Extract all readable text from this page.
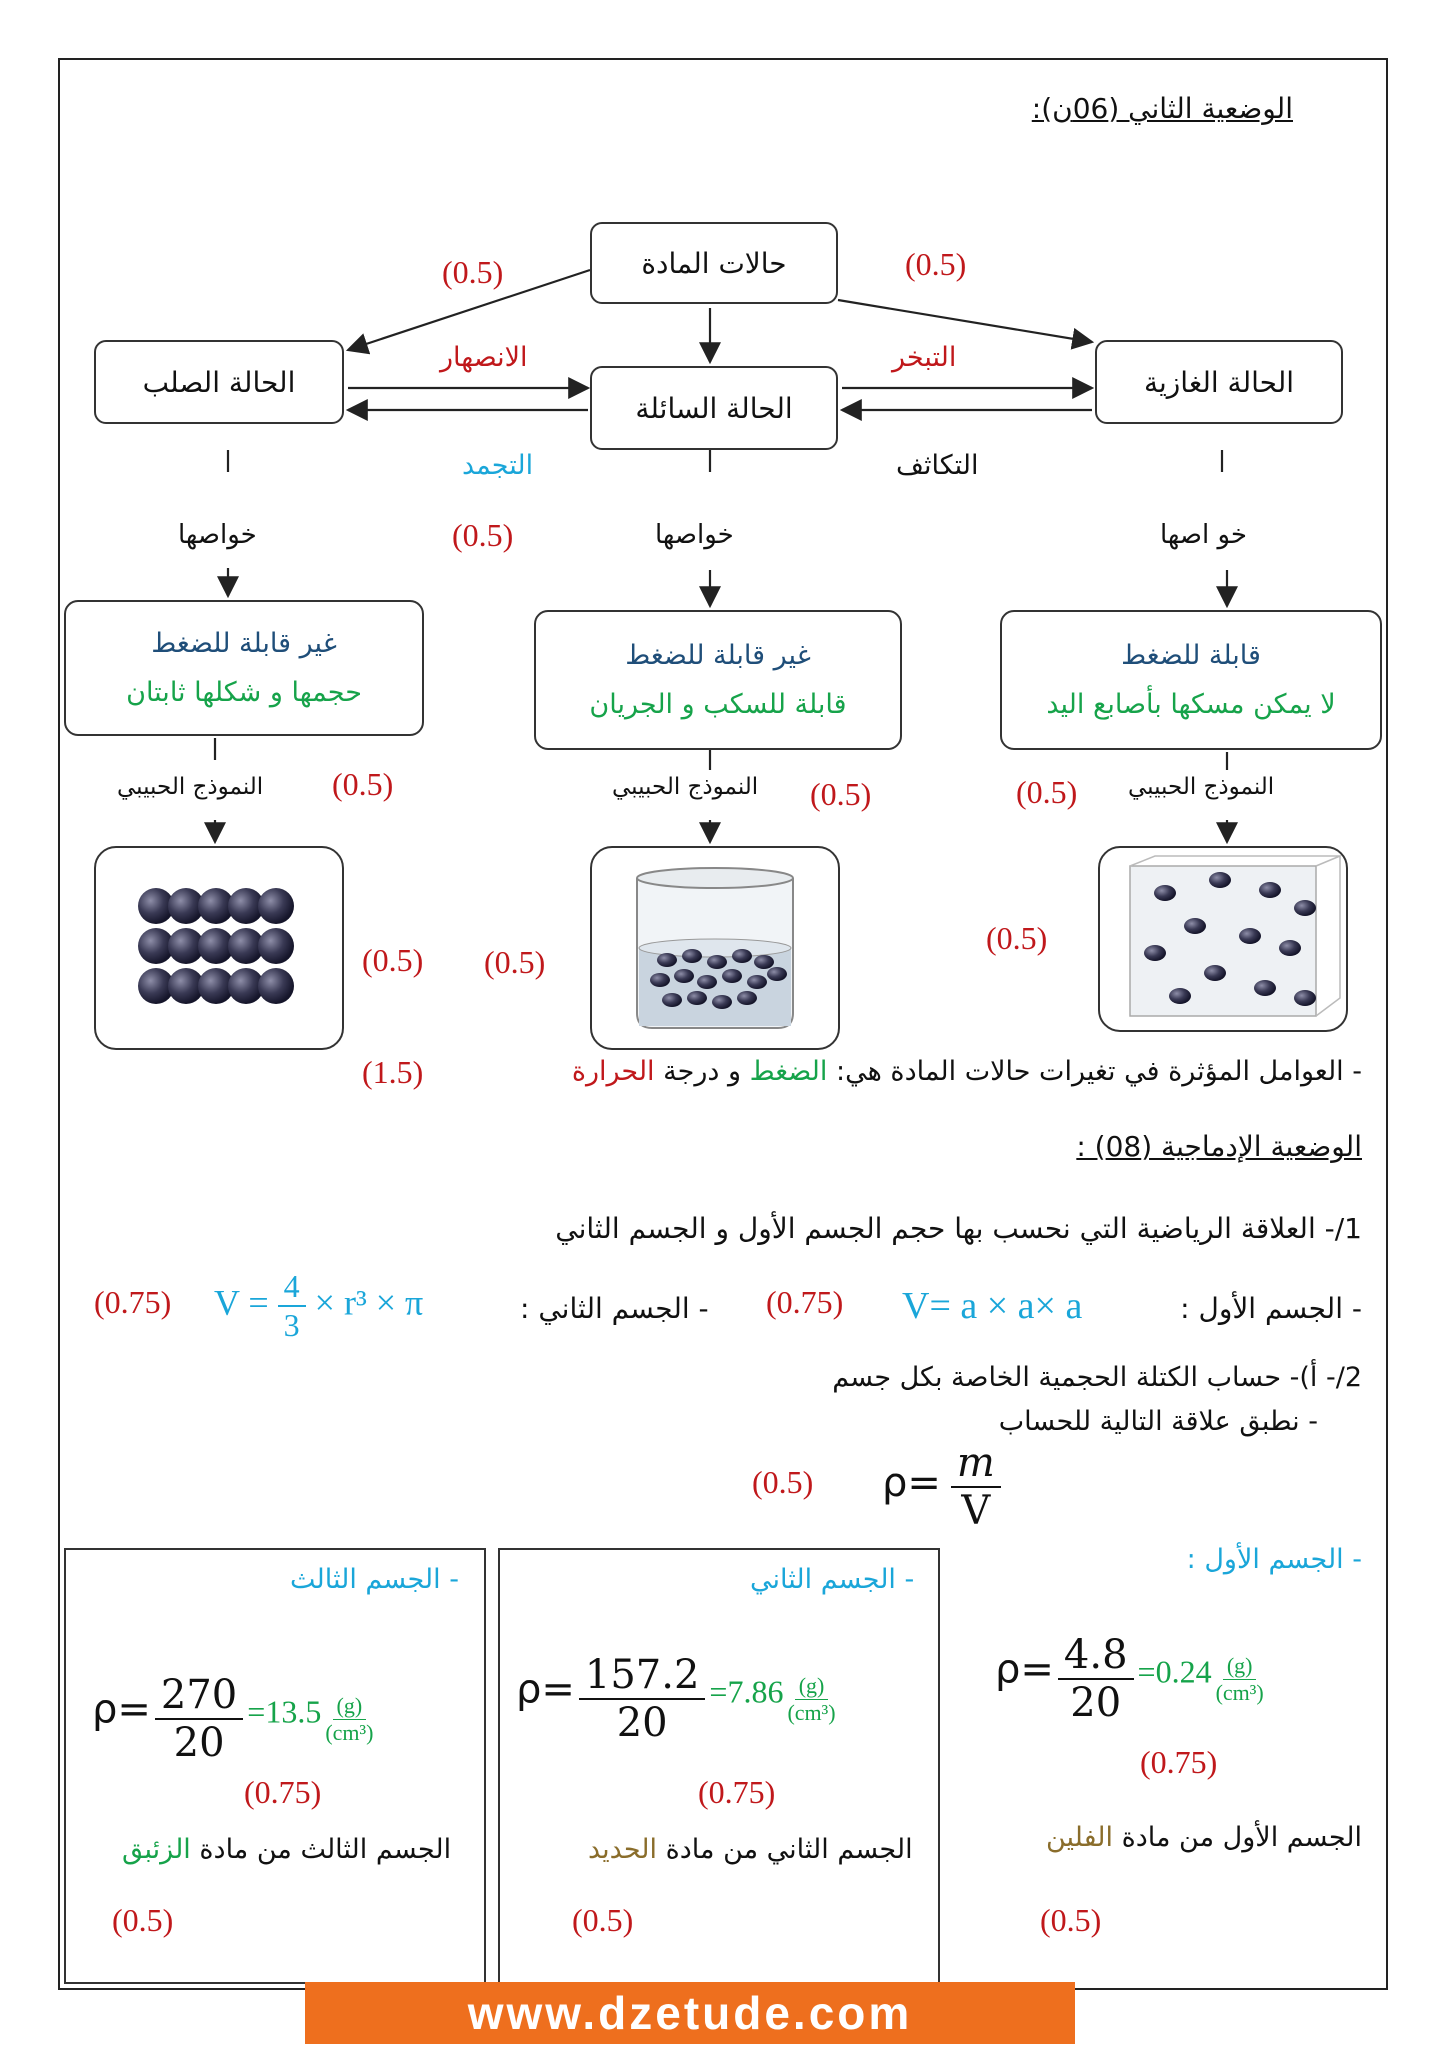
الوضعية الثاني (06ن):
حالات المادة
الحالة الصلب
الحالة السائلة
الحالة الغازية
الانصهار
التجمد
التبخر
التكاثف
(0.5)	(0.5)
(0.5)
خواصها	خواصها	خو اصها
غير قابلة للضغط
حجمها و شكلها ثابتان
غير قابلة للضغط
قابلة للسكب و الجريان
قابلة للضغط
لا يمكن مسكها بأصابع اليد
النموذج الحبيبي	النموذج الحبيبي	النموذج الحبيبي
(0.5)	(0.5)	(0.5)
(0.5) (0.5)
(0.5)
- العوامل المؤثرة في تغيرات حالات المادة هي: الضغط و درجة الحرارة
(1.5)
الوضعية الإدماجية (08) :
1/- العلاقة الرياضية التي نحسب بها حجم الجسم الأول و الجسم الثاني
- الجسم الأول :
V= a × a× a
(0.75)
- الجسم الثاني :
$V = \frac{4}{3} \times r^3 \times \pi$
(0.75)
2/- أ)- حساب الكتلة الحجمية الخاصة بكل جسم
- نطبق علاقة التالية للحساب
$\rho= \frac{m}{V}$
(0.5)
- الجسم الأول :
$\rho= \frac{4.8}{20} =0.24 \frac{(g)}{\text{(cm³)}}$
(0.75)
الجسم الأول من مادة الفلين
(0.5)
- الجسم الثاني
$\rho= \frac{157.2}{20} =7.86 \frac{(g)}{\text{(cm³)}}$
(0.75)
الجسم الثاني من مادة الحديد
(0.5)
- الجسم الثالث
$\rho= \frac{270}{20} =13.5 \frac{(g)}{\text{(cm³)}}$
(0.75)
الجسم الثالث من مادة الزئبق
(0.5)
www.dzetude.com
